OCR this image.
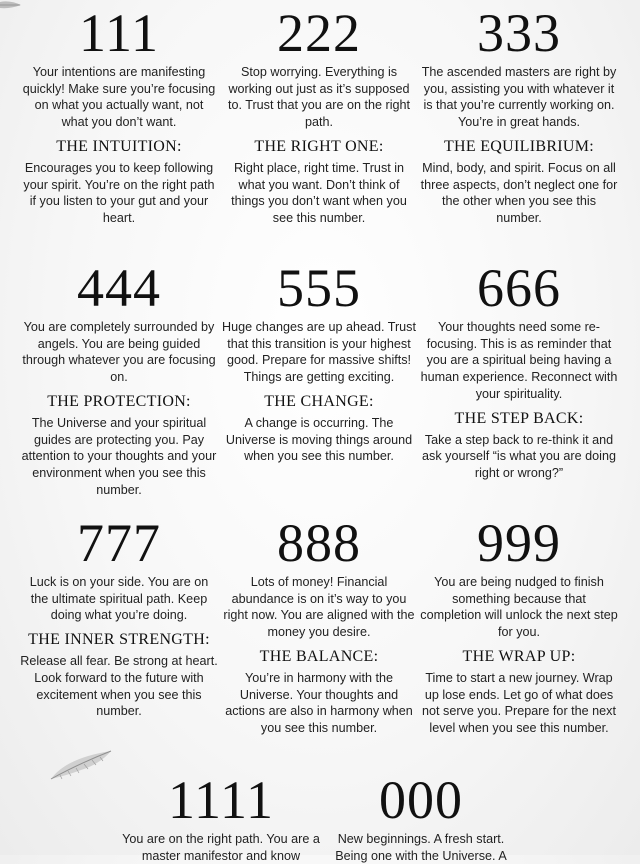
111

Your intentions are manifesting quickly! Make sure you’re focusing on what you actually want, not what you don’t want.

THE INTUITION:

Encourages you to keep following your spirit. You’re on the right path if you listen to your gut and your heart.

222

Stop worrying. Everything is working out just as it’s supposed to. Trust that you are on the right path.

THE RIGHT ONE:

Right place, right time. Trust in what you want. Don’t think of things you don’t want when you see this number.

333

The ascended masters are right by you, assisting you with whatever it is that you’re currently working on. You’re in great hands.

THE EQUILIBRIUM:

Mind, body, and spirit. Focus on all three aspects, don’t neglect one for the other when you see this number.

444

You are completely surrounded by angels. You are being guided through whatever you are focusing on.

THE PROTECTION:

The Universe and your spiritual guides are protecting you. Pay attention to your thoughts and your environment when you see this number.

555

Huge changes are up ahead. Trust that this transition is your highest good. Prepare for massive shifts! Things are getting exciting.

THE CHANGE:

A change is occurring. The Universe is moving things around when you see this number.

666

Your thoughts need some re-focusing. This is as reminder that you are a spiritual being having a human experience. Reconnect with your spirituality.

THE STEP BACK:

Take a step back to re-think it and ask yourself “is what you are doing right or wrong?”

777

Luck is on your side. You are on the ultimate spiritual path. Keep doing what you’re doing.

THE INNER STRENGTH:

Release all fear. Be strong at heart. Look forward to the future with excitement when you see this number.

888

Lots of money! Financial abundance is on it’s way to you right now. You are aligned with the money you desire.

THE BALANCE:

You’re in harmony with the Universe. Your thoughts and actions are also in harmony when you see this number.

999

You are being nudged to finish something because that completion will unlock the next step for you.

THE WRAP UP:

Time to start a new journey. Wrap up lose ends. Let go of what does not serve you. Prepare for the next level when you see this number.

1111

You are on the right path. You are a master manifestor and know

000

New beginnings. A fresh start. Being one with the Universe. A
